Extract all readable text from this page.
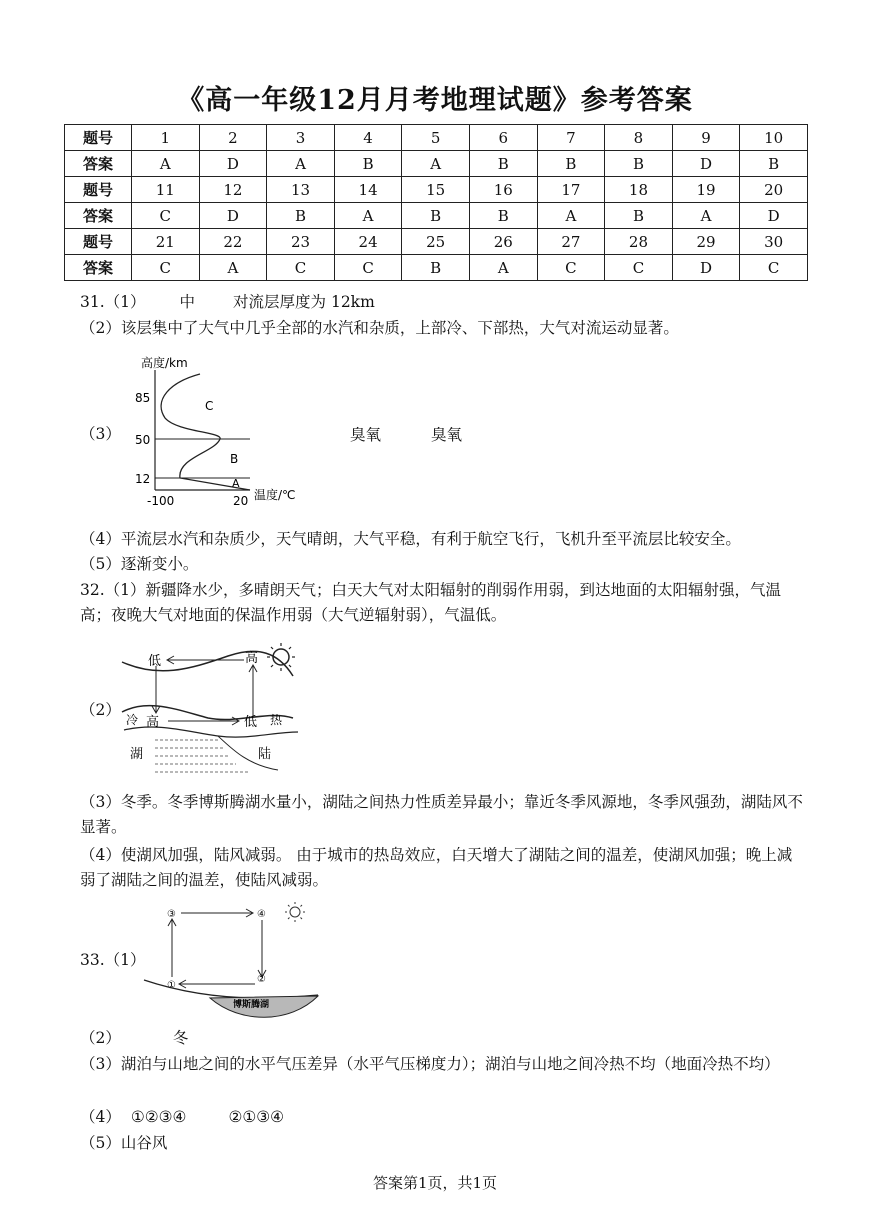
《高一年级12月月考地理试题》参考答案
题号	1	2	3	4	5	6	7	8	9	10
答案	A	D	A	B	A	B	B	B	D	B
题号	11	12	13	14	15	16	17	18	19	20
答案	C	D	B	A	B	B	A	B	A	D
题号	21	22	23	24	25	26	27	28	29	30
答案	C	A	C	C	B	A	C	C	D	C
31.（1） 中 对流层厚度为 12km
（2）该层集中了大气中几乎全部的水汽和杂质，上部冷、下部热，大气对流运动显著。
（3）
高度/km
温度/℃
85
50
12
-100	20
C
B
A
臭氧	臭氧
（4）平流层水汽和杂质少，天气晴朗，大气平稳，有利于航空飞行，飞机升至平流层比较安全。
（5）逐渐变小。
32.（1）新疆降水少，多晴朗天气；白天大气对太阳辐射的削弱作用弱，到达地面的太阳辐射强，气温高；夜晚大气对地面的保温作用弱（大气逆辐射弱），气温低。
（2）
低	高
冷 高	低 热
湖	陆
（3）冬季。冬季博斯腾湖水量小，湖陆之间热力性质差异最小；靠近冬季风源地，冬季风强劲，湖陆风不显著。
（4）使湖风加强，陆风减弱。 由于城市的热岛效应，白天增大了湖陆之间的温差，使湖风加强；晚上减弱了湖陆之间的温差，使陆风减弱。
33.（1）
③	④
①
②
博斯腾湖
（2）	冬
（3）湖泊与山地之间的水平气压差异（水平气压梯度力）；湖泊与山地之间冷热不均（地面冷热不均）
（4） ①②③④	②①③④
（5）山谷风
答案第1页，共1页
